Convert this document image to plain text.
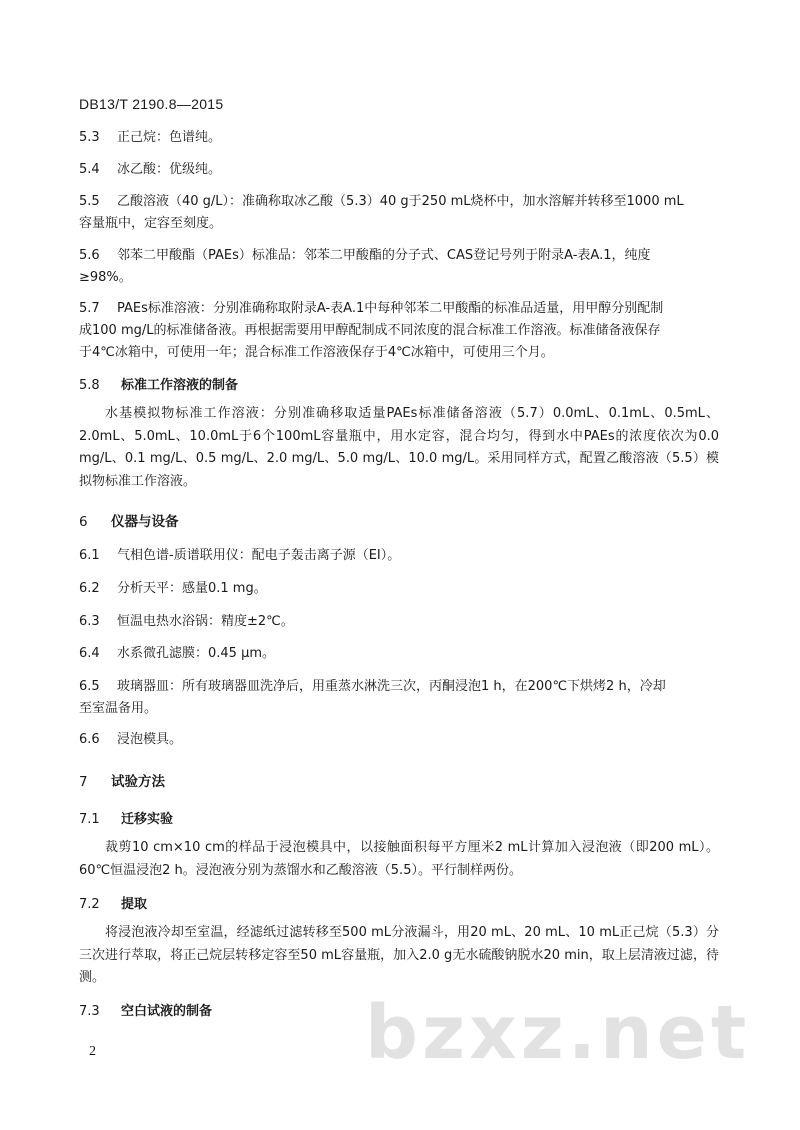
DB13/T 2190.8—2015
5.3 正己烷：色谱纯。
5.4 冰乙酸：优级纯。
5.5 乙酸溶液（40 g/L）：准确称取冰乙酸（5.3）40 g于250 mL烧杯中，加水溶解并转移至1000 mL
容量瓶中，定容至刻度。
5.6 邻苯二甲酸酯（PAEs）标准品：邻苯二甲酸酯的分子式、CAS登记号列于附录A-表A.1，纯度
≥98%。
5.7 PAEs标准溶液：分别准确称取附录A-表A.1中每种邻苯二甲酸酯的标准品适量，用甲醇分别配制
成100 mg/L的标准储备液。再根据需要用甲醇配制成不同浓度的混合标准工作溶液。标准储备液保存
于4℃冰箱中，可使用一年；混合标准工作溶液保存于4℃冰箱中，可使用三个月。
5.8 标准工作溶液的制备
水基模拟物标准工作溶液：分别准确移取适量PAEs标准储备溶液（5.7）0.0mL、0.1mL、0.5mL、2.0mL、5.0mL、10.0mL于6个100mL容量瓶中，用水定容，混合均匀，得到水中PAEs的浓度依次为0.0 mg/L、0.1 mg/L、0.5 mg/L、2.0 mg/L、5.0 mg/L、10.0 mg/L。采用同样方式，配置乙酸溶液（5.5）模拟物标准工作溶液。
6 仪器与设备
6.1 气相色谱-质谱联用仪：配电子轰击离子源（EI）。
6.2 分析天平：感量0.1 mg。
6.3 恒温电热水浴锅：精度±2℃。
6.4 水系微孔滤膜：0.45 μm。
6.5 玻璃器皿：所有玻璃器皿洗净后，用重蒸水淋洗三次，丙酮浸泡1 h，在200℃下烘烤2 h，冷却
至室温备用。
6.6 浸泡模具。
7 试验方法
7.1 迁移实验
裁剪10 cm×10 cm的样品于浸泡模具中，以接触面积每平方厘米2 mL计算加入浸泡液（即200 mL）。60℃恒温浸泡2 h。浸泡液分别为蒸馏水和乙酸溶液（5.5）。平行制样两份。
7.2 提取
将浸泡液冷却至室温，经滤纸过滤转移至500 mL分液漏斗，用20 mL、20 mL、10 mL正己烷（5.3）分三次进行萃取，将正己烷层转移定容至50 mL容量瓶，加入2.0 g无水硫酸钠脱水20 min，取上层清液过滤，待测。
7.3 空白试液的制备 bzxz.net
2
